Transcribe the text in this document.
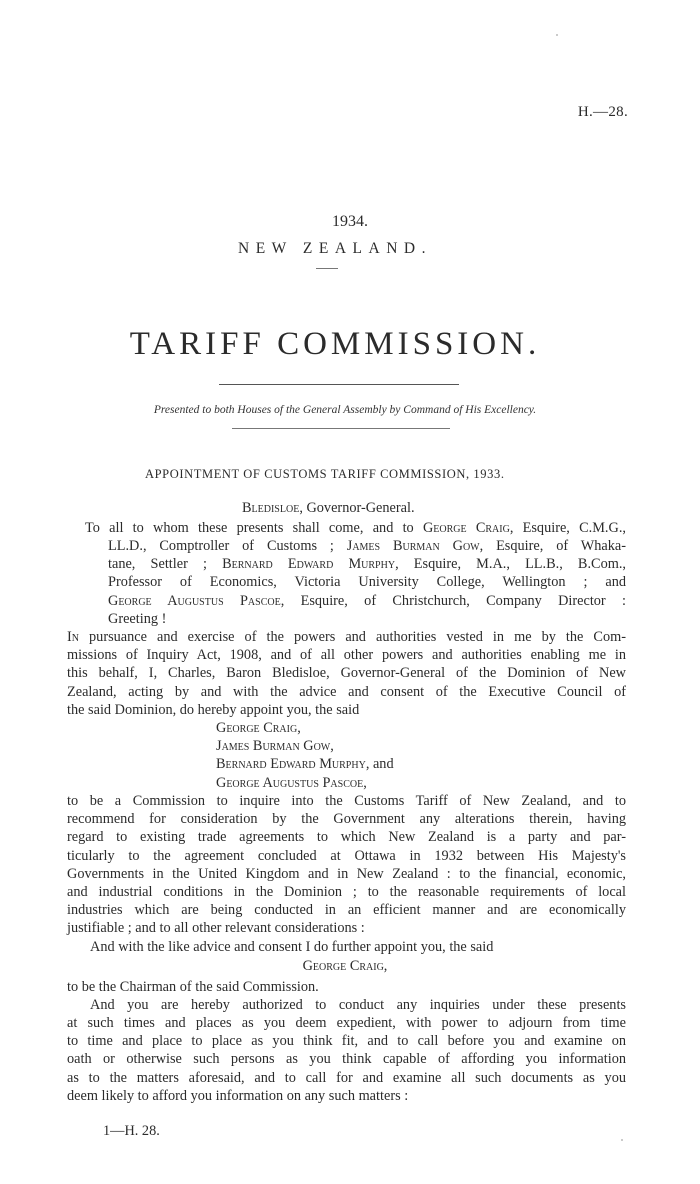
H.—28.
1934.
NEW ZEALAND.
TARIFF COMMISSION.
Presented to both Houses of the General Assembly by Command of His Excellency.
APPOINTMENT OF CUSTOMS TARIFF COMMISSION, 1933.
Bledisloe, Governor-General.
To all to whom these presents shall come, and to George Craig, Esquire, C.M.G.,
LL.D., Comptroller of Customs ; James Burman Gow, Esquire, of Whaka-
tane, Settler ; Bernard Edward Murphy, Esquire, M.A., LL.B., B.Com.,
Professor of Economics, Victoria University College, Wellington ; and
George Augustus Pascoe, Esquire, of Christchurch, Company Director :
Greeting !
In pursuance and exercise of the powers and authorities vested in me by the Com-
missions of Inquiry Act, 1908, and of all other powers and authorities enabling me in
this behalf, I, Charles, Baron Bledisloe, Governor-General of the Dominion of New
Zealand, acting by and with the advice and consent of the Executive Council of
the said Dominion, do hereby appoint you, the said
George Craig,
James Burman Gow,
Bernard Edward Murphy, and
George Augustus Pascoe,
to be a Commission to inquire into the Customs Tariff of New Zealand, and to
recommend for consideration by the Government any alterations therein, having
regard to existing trade agreements to which New Zealand is a party and par-
ticularly to the agreement concluded at Ottawa in 1932 between His Majesty's
Governments in the United Kingdom and in New Zealand : to the financial, economic,
and industrial conditions in the Dominion ; to the reasonable requirements of local
industries which are being conducted in an efficient manner and are economically
justifiable ; and to all other relevant considerations :
And with the like advice and consent I do further appoint you, the said
George Craig,
to be the Chairman of the said Commission.
And you are hereby authorized to conduct any inquiries under these presents
at such times and places as you deem expedient, with power to adjourn from time
to time and place to place as you think fit, and to call before you and examine on
oath or otherwise such persons as you think capable of affording you information
as to the matters aforesaid, and to call for and examine all such documents as you
deem likely to afford you information on any such matters :
1—H. 28.
